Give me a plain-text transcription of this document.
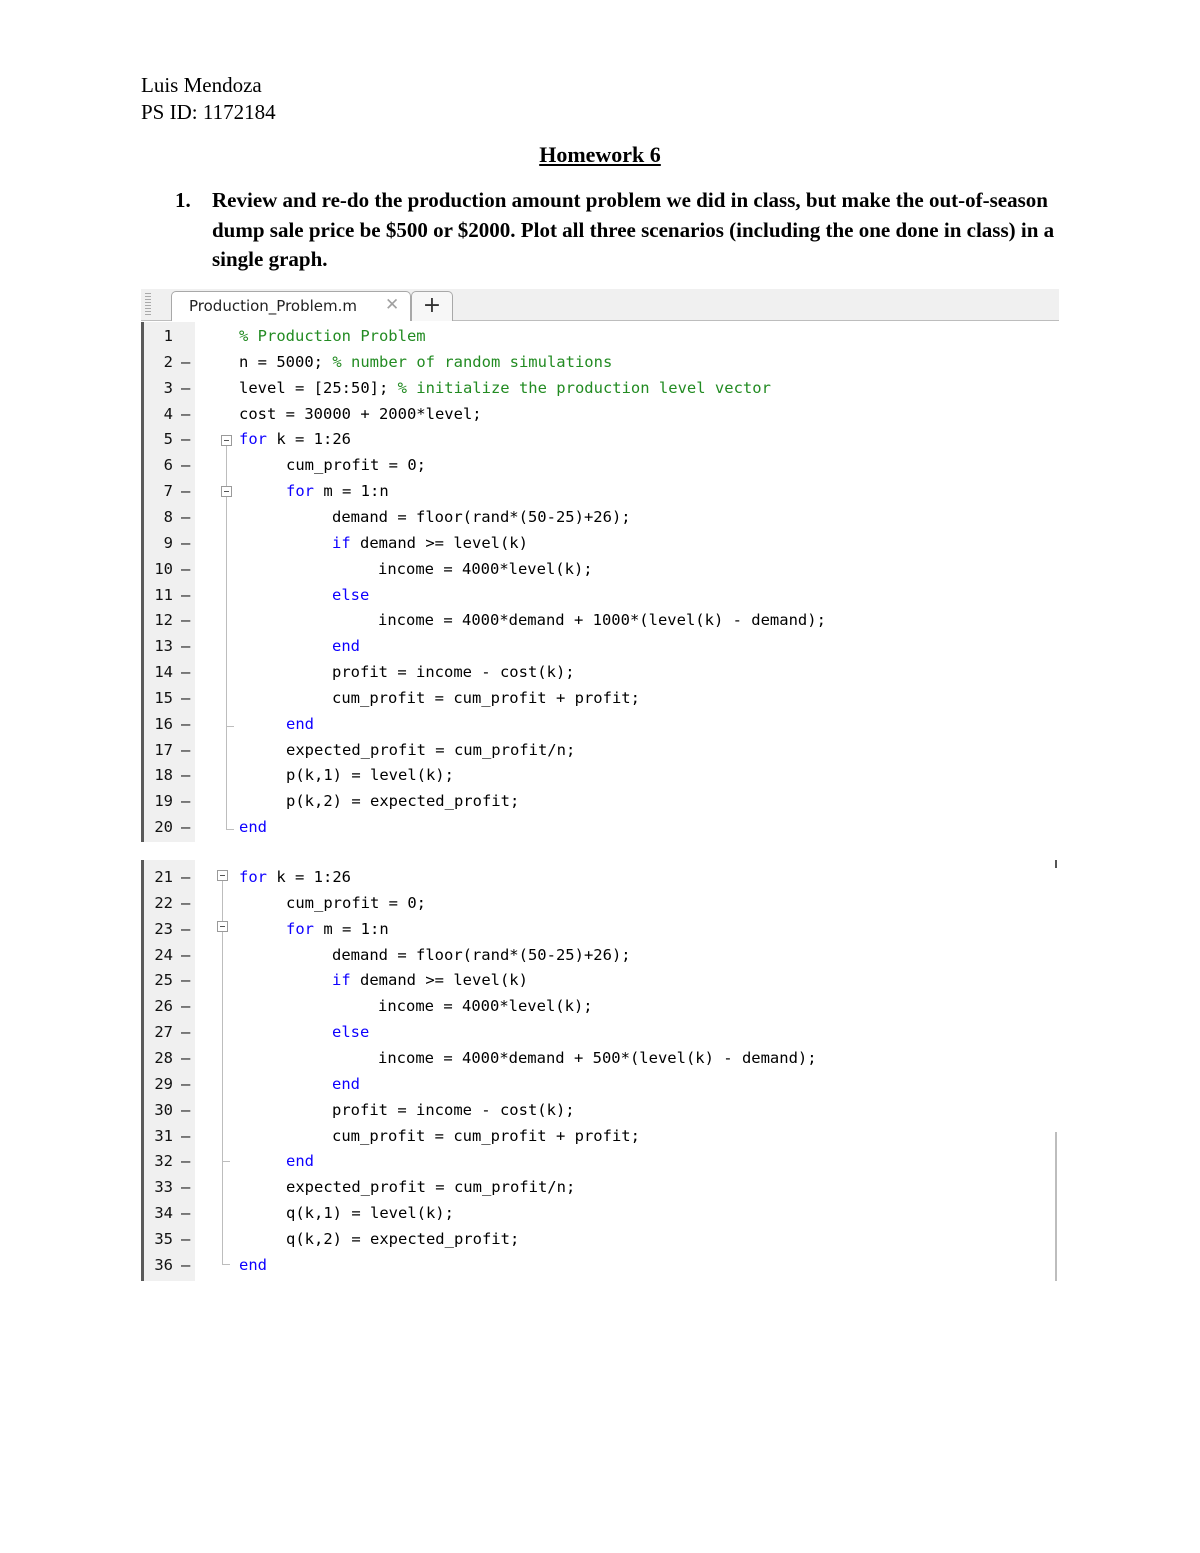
Luis Mendoza
PS ID: 1172184
Homework 6
1. Review and re-do the production amount problem we did in class, but make the out-of-season dump sale price be $500 or $2000. Plot all three scenarios (including the one done in class) in a single graph.
Production_Problem.m ✕	+
1	% Production Problem
2 —	n = 5000; % number of random simulations
3 —	level = [25:50]; % initialize the production level vector
4 —	cost = 30000 + 2000*level;
5 —	for k = 1:26
6 —	cum_profit = 0;
7 —	for m = 1:n
8 —	demand = floor(rand*(50-25)+26);
9 —	if demand >= level(k)
10 —	income = 4000*level(k);
11 —	else
12 —	income = 4000*demand + 1000*(level(k) - demand);
13 —	end
14 —	profit = income - cost(k);
15 —	cum_profit = cum_profit + profit;
16 —	end
17 —	expected_profit = cum_profit/n;
18 —	p(k,1) = level(k);
19 —	p(k,2) = expected_profit;
20 —	end
21 —	for k = 1:26
22 —	cum_profit = 0;
23 —	for m = 1:n
24 —	demand = floor(rand*(50-25)+26);
25 —	if demand >= level(k)
26 —	income = 4000*level(k);
27 —	else
28 —	income = 4000*demand + 500*(level(k) - demand);
29 —	end
30 —	profit = income - cost(k);
31 —	cum_profit = cum_profit + profit;
32 —	end
33 —	expected_profit = cum_profit/n;
34 —	q(k,1) = level(k);
35 —	q(k,2) = expected_profit;
36 —	end
